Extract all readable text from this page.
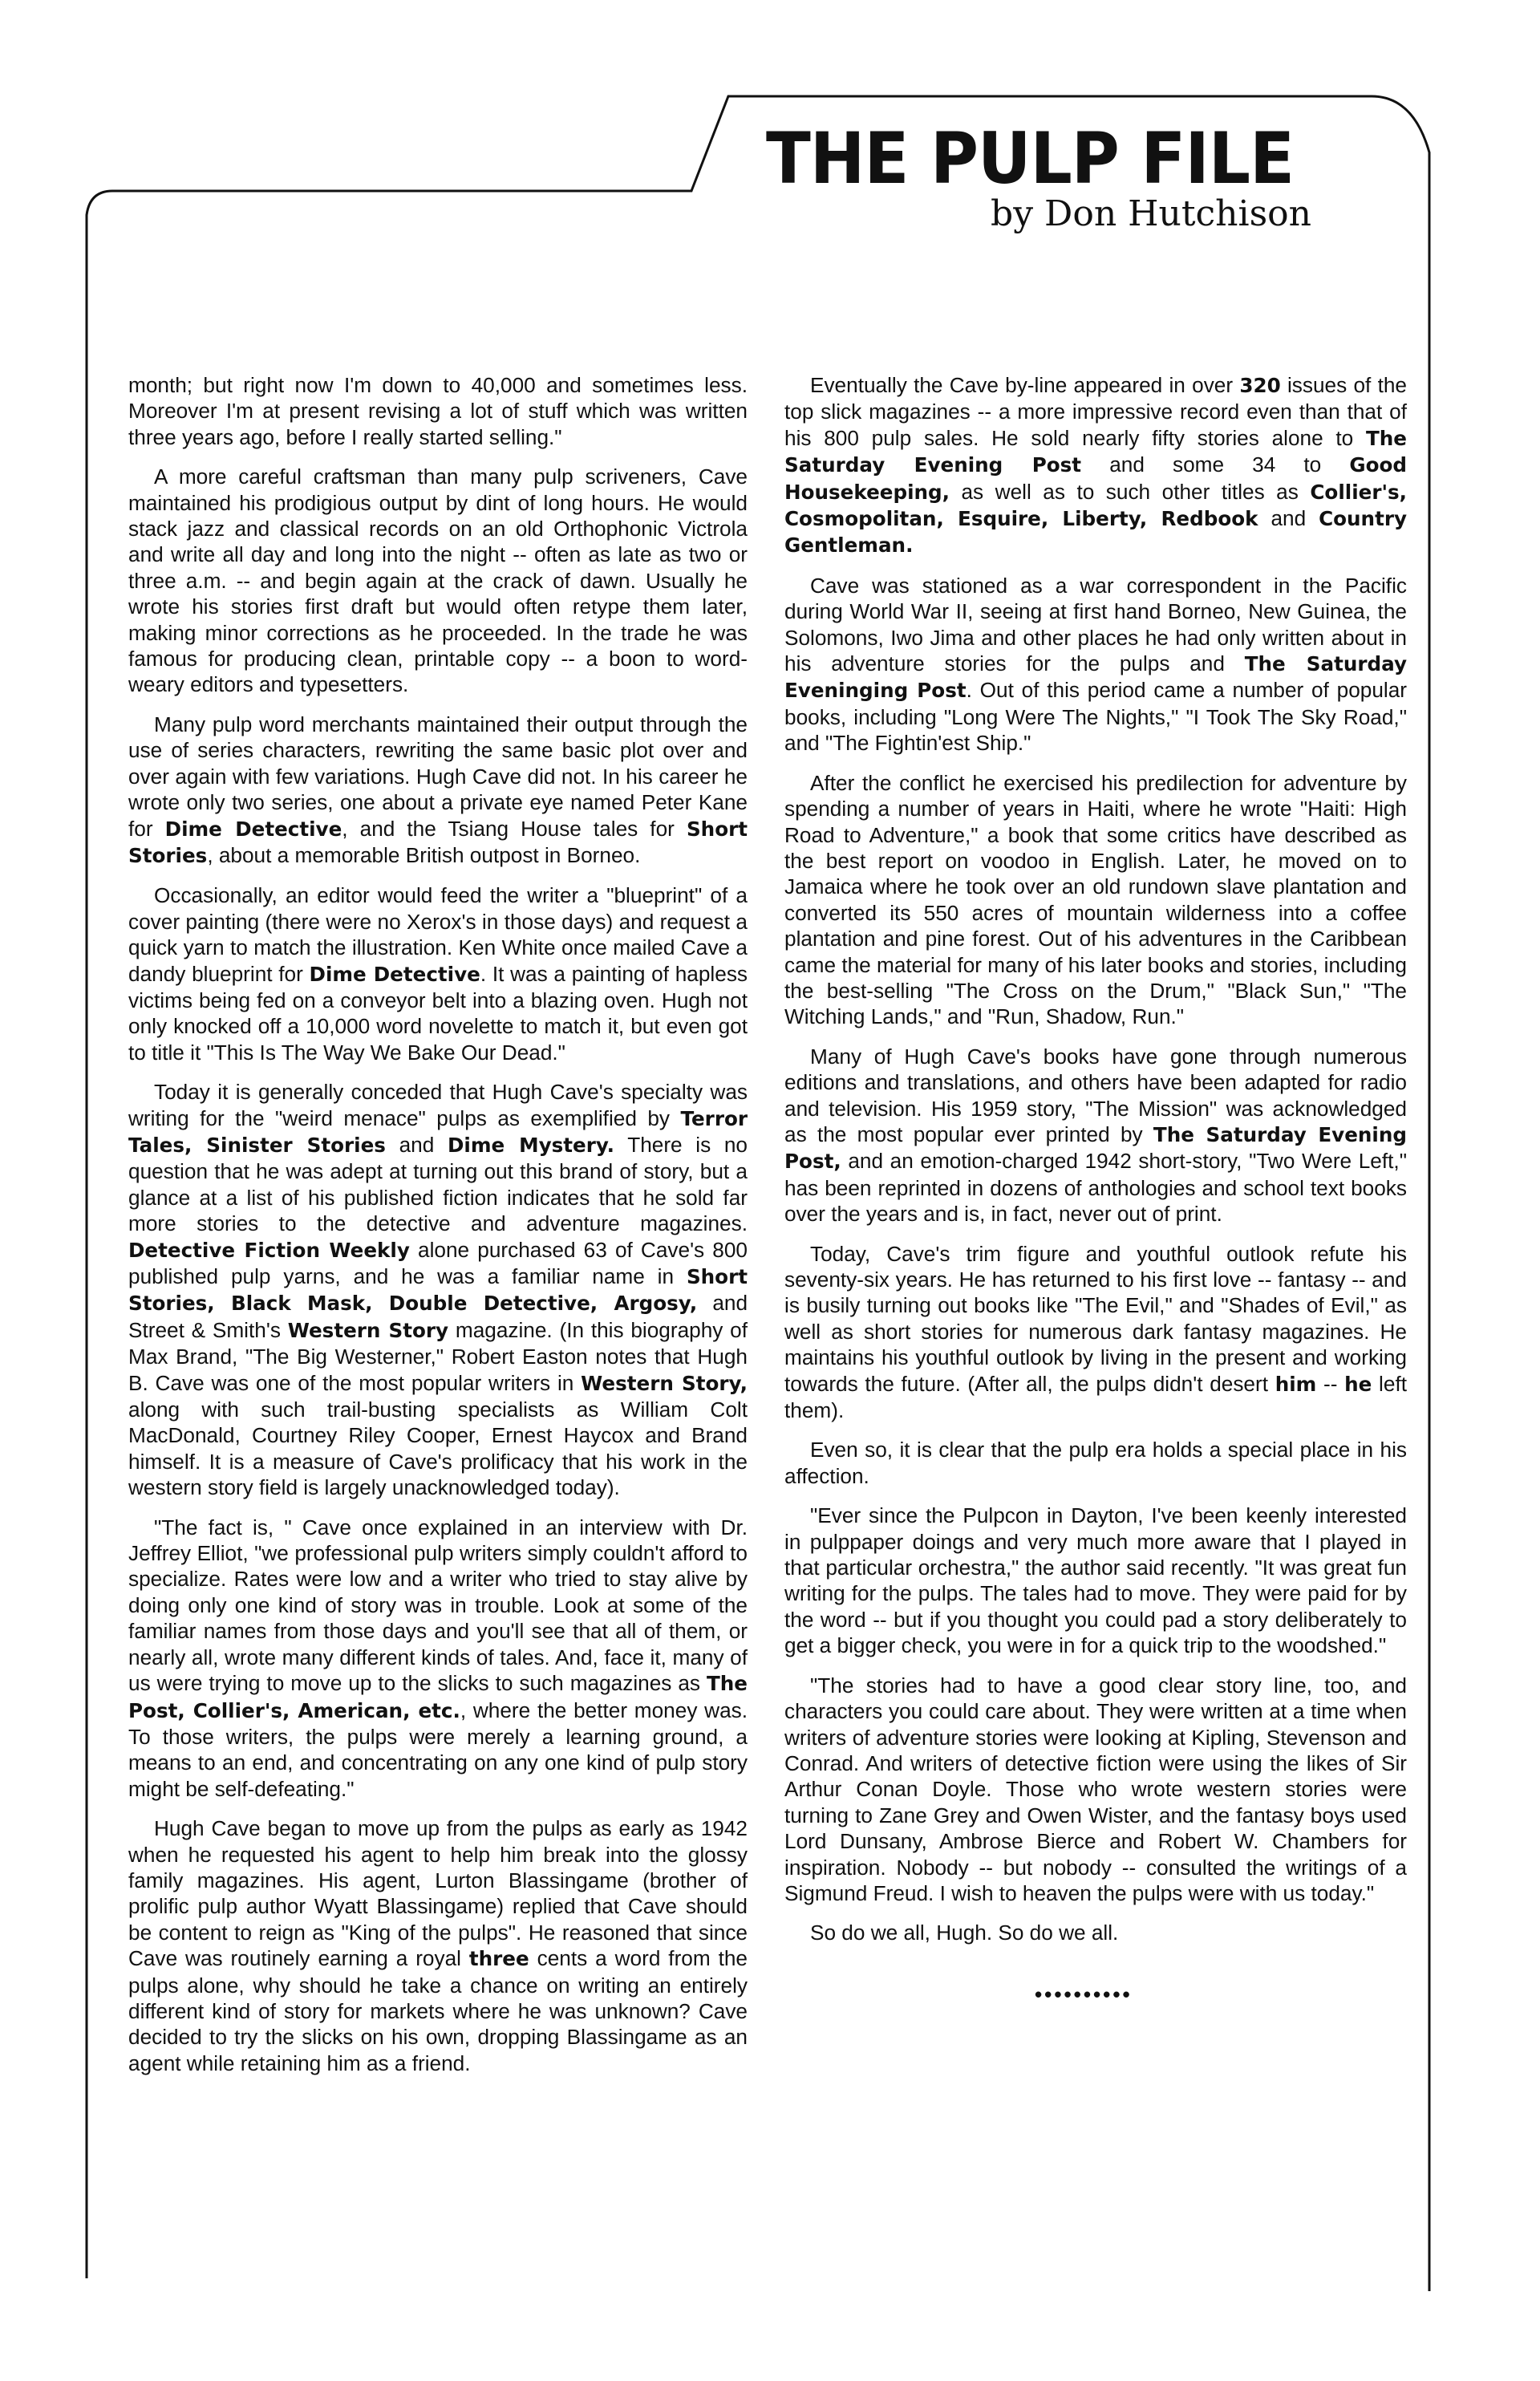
THE PULP FILE
by Don Hutchison

month; but right now I'm down to 40,000 and sometimes less. Moreover I'm at present revising a lot of stuff which was written three years ago, before I really started selling."

A more careful craftsman than many pulp scriveners, Cave maintained his prodigious output by dint of long hours. He would stack jazz and classical records on an old Orthophonic Victrola and write all day and long into the night -- often as late as two or three a.m. -- and begin again at the crack of dawn. Usually he wrote his stories first draft but would often retype them later, making minor corrections as he proceeded. In the trade he was famous for producing clean, printable copy -- a boon to word-weary editors and typesetters.

Many pulp word merchants maintained their output through the use of series characters, rewriting the same basic plot over and over again with few variations. Hugh Cave did not. In his career he wrote only two series, one about a private eye named Peter Kane for Dime Detective, and the Tsiang House tales for Short Stories, about a memorable British outpost in Borneo.

Occasionally, an editor would feed the writer a "blueprint" of a cover painting (there were no Xerox's in those days) and request a quick yarn to match the illustration. Ken White once mailed Cave a dandy blueprint for Dime Detective. It was a painting of hapless victims being fed on a conveyor belt into a blazing oven. Hugh not only knocked off a 10,000 word novelette to match it, but even got to title it "This Is The Way We Bake Our Dead."

Today it is generally conceded that Hugh Cave's specialty was writing for the "weird menace" pulps as exemplified by Terror Tales, Sinister Stories and Dime Mystery. There is no question that he was adept at turning out this brand of story, but a glance at a list of his published fiction indicates that he sold far more stories to the detective and adventure magazines. Detective Fiction Weekly alone purchased 63 of Cave's 800 published pulp yarns, and he was a familiar name in Short Stories, Black Mask, Double Detective, Argosy, and Street & Smith's Western Story magazine. (In this biography of Max Brand, "The Big Westerner," Robert Easton notes that Hugh B. Cave was one of the most popular writers in Western Story, along with such trail-busting specialists as William Colt MacDonald, Courtney Riley Cooper, Ernest Haycox and Brand himself. It is a measure of Cave's prolificacy that his work in the western story field is largely unacknowledged today).

"The fact is, " Cave once explained in an interview with Dr. Jeffrey Elliot, "we professional pulp writers simply couldn't afford to specialize. Rates were low and a writer who tried to stay alive by doing only one kind of story was in trouble. Look at some of the familiar names from those days and you'll see that all of them, or nearly all, wrote many different kinds of tales. And, face it, many of us were trying to move up to the slicks to such magazines as The Post, Collier's, American, etc., where the better money was. To those writers, the pulps were merely a learning ground, a means to an end, and concentrating on any one kind of pulp story might be self-defeating."

Hugh Cave began to move up from the pulps as early as 1942 when he requested his agent to help him break into the glossy family magazines. His agent, Lurton Blassingame (brother of prolific pulp author Wyatt Blassingame) replied that Cave should be content to reign as "King of the pulps". He reasoned that since Cave was routinely earning a royal three cents a word from the pulps alone, why should he take a chance on writing an entirely different kind of story for markets where he was unknown? Cave decided to try the slicks on his own, dropping Blassingame as an agent while retaining him as a friend.

Eventually the Cave by-line appeared in over 320 issues of the top slick magazines -- a more impressive record even than that of his 800 pulp sales. He sold nearly fifty stories alone to The Saturday Evening Post and some 34 to Good Housekeeping, as well as to such other titles as Collier's, Cosmopolitan, Esquire, Liberty, Redbook and Country Gentleman.

Cave was stationed as a war correspondent in the Pacific during World War II, seeing at first hand Borneo, New Guinea, the Solomons, Iwo Jima and other places he had only written about in his adventure stories for the pulps and The Saturday Eveninging Post. Out of this period came a number of popular books, including "Long Were The Nights," "I Took The Sky Road," and "The Fightin'est Ship."

After the conflict he exercised his predilection for adventure by spending a number of years in Haiti, where he wrote "Haiti: High Road to Adventure," a book that some critics have described as the best report on voodoo in English. Later, he moved on to Jamaica where he took over an old rundown slave plantation and converted its 550 acres of mountain wilderness into a coffee plantation and pine forest. Out of his adventures in the Caribbean came the material for many of his later books and stories, including the best-selling "The Cross on the Drum," "Black Sun," "The Witching Lands," and "Run, Shadow, Run."

Many of Hugh Cave's books have gone through numerous editions and translations, and others have been adapted for radio and television. His 1959 story, "The Mission" was acknowledged as the most popular ever printed by The Saturday Evening Post, and an emotion-charged 1942 short-story, "Two Were Left," has been reprinted in dozens of anthologies and school text books over the years and is, in fact, never out of print.

Today, Cave's trim figure and youthful outlook refute his seventy-six years. He has returned to his first love -- fantasy -- and is busily turning out books like "The Evil," and "Shades of Evil," as well as short stories for numerous dark fantasy magazines. He maintains his youthful outlook by living in the present and working towards the future. (After all, the pulps didn't desert him -- he left them).

Even so, it is clear that the pulp era holds a special place in his affection.

"Ever since the Pulpcon in Dayton, I've been keenly interested in pulppaper doings and very much more aware that I played in that particular orchestra," the author said recently. "It was great fun writing for the pulps. The tales had to move. They were paid for by the word -- but if you thought you could pad a story deliberately to get a bigger check, you were in for a quick trip to the woodshed."

"The stories had to have a good clear story line, too, and characters you could care about. They were written at a time when writers of adventure stories were looking at Kipling, Stevenson and Conrad. And writers of detective fiction were using the likes of Sir Arthur Conan Doyle. Those who wrote western stories were turning to Zane Grey and Owen Wister, and the fantasy boys used Lord Dunsany, Ambrose Bierce and Robert W. Chambers for inspiration. Nobody -- but nobody -- consulted the writings of a Sigmund Freud. I wish to heaven the pulps were with us today."

So do we all, Hugh. So do we all.

••••••••••
